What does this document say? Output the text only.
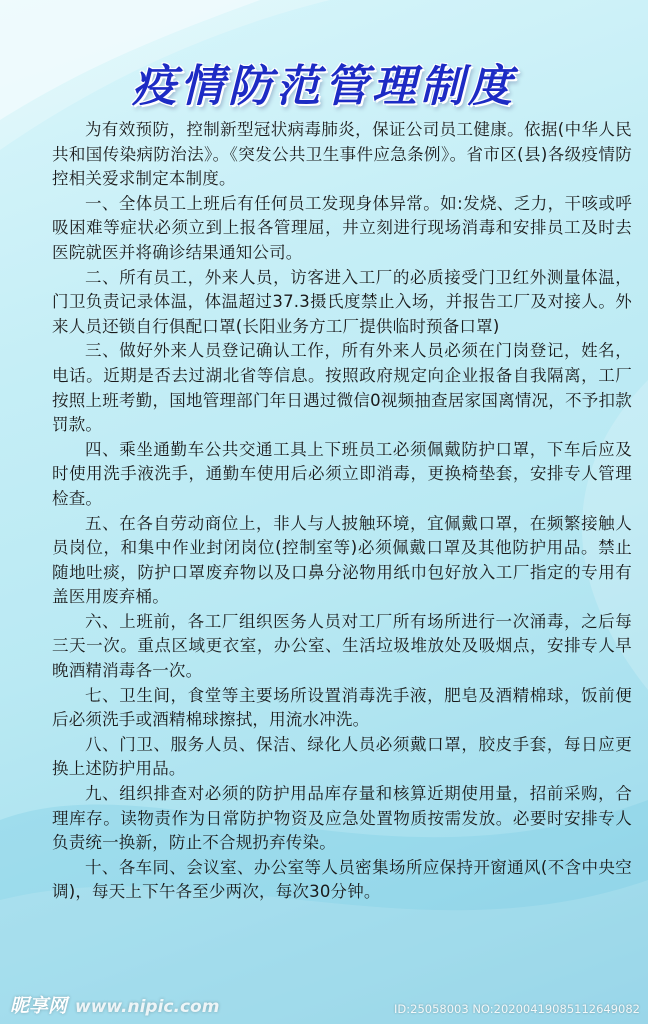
疫情防范管理制度

为有效预防，控制新型冠状病毒肺炎，保证公司员工健康。依据(中华人民共和国传染病防治法》。《突发公共卫生事件应急条例》。省市区(县)各级疫情防控相关爱求制定本制度。

一、全体员工上班后有任何员工发现身体异常。如:发烧、乏力，干咳或呼吸困难等症状必须立到上报各管理屈，井立刻进行现场消毒和安排员工及时去医院就医并将确诊结果通知公司。

二、所有员工，外来人员，访客进入工厂的必质接受门卫红外测量体温，门卫负责记录体温，体温超过37.3摄氏度禁止入场，并报告工厂及对接人。外来人员还锁自行俱配口罩(长阳业务方工厂提供临时预备口罩)

三、做好外来人员登记确认工作，所有外来人员必须在门岗登记，姓名，电话。近期是否去过湖北省等信息。按照政府规定向企业报备自我隔离，工厂按照上班考勤，国地管理部门年日遇过微信0视频抽查居家国离情况，不予扣款罚款。

四、乘坐通勤车公共交通工具上下班员工必须佩戴防护口罩，下车后应及时使用洗手液洗手，通勤车使用后必须立即消毒，更换椅垫套，安排专人管理检查。

五、在各自劳动商位上，非人与人披触环境，宜佩戴口罩，在频繁接触人员岗位，和集中作业封闭岗位(控制室等)必须佩戴口罩及其他防护用品。禁止随地吐痰，防护口罩废弃物以及口鼻分泌物用纸巾包好放入工厂指定的专用有盖医用废弃桶。

六、上班前，各工厂组织医务人员对工厂所有场所进行一次涌毒，之后每三天一次。重点区域更衣室，办公室、生活垃圾堆放处及吸烟点，安排专人早晚酒精消毒各一次。

七、卫生间，食堂等主要场所设置消毒洗手液，肥皂及酒精棉球，饭前便后必须洗手或酒精棉球擦拭，用流水冲洗。

八、门卫、服务人员、保洁、绿化人员必须戴口罩，胶皮手套，每日应更换上述防护用品。

九、组织排查对必须的防护用品库存量和核算近期使用量，招前采购，合理库存。读物责作为日常防护物资及应急处置物质按需发放。必要时安排专人负责统一换新，防止不合规扔弃传染。

十、各车同、会议室、办公室等人员密集场所应保持开窗通风(不含中央空调)，每天上下午各至少两次，每次30分钟。

昵享网 www.nipic.com	ID:25058003 NO:20200419085112649082
